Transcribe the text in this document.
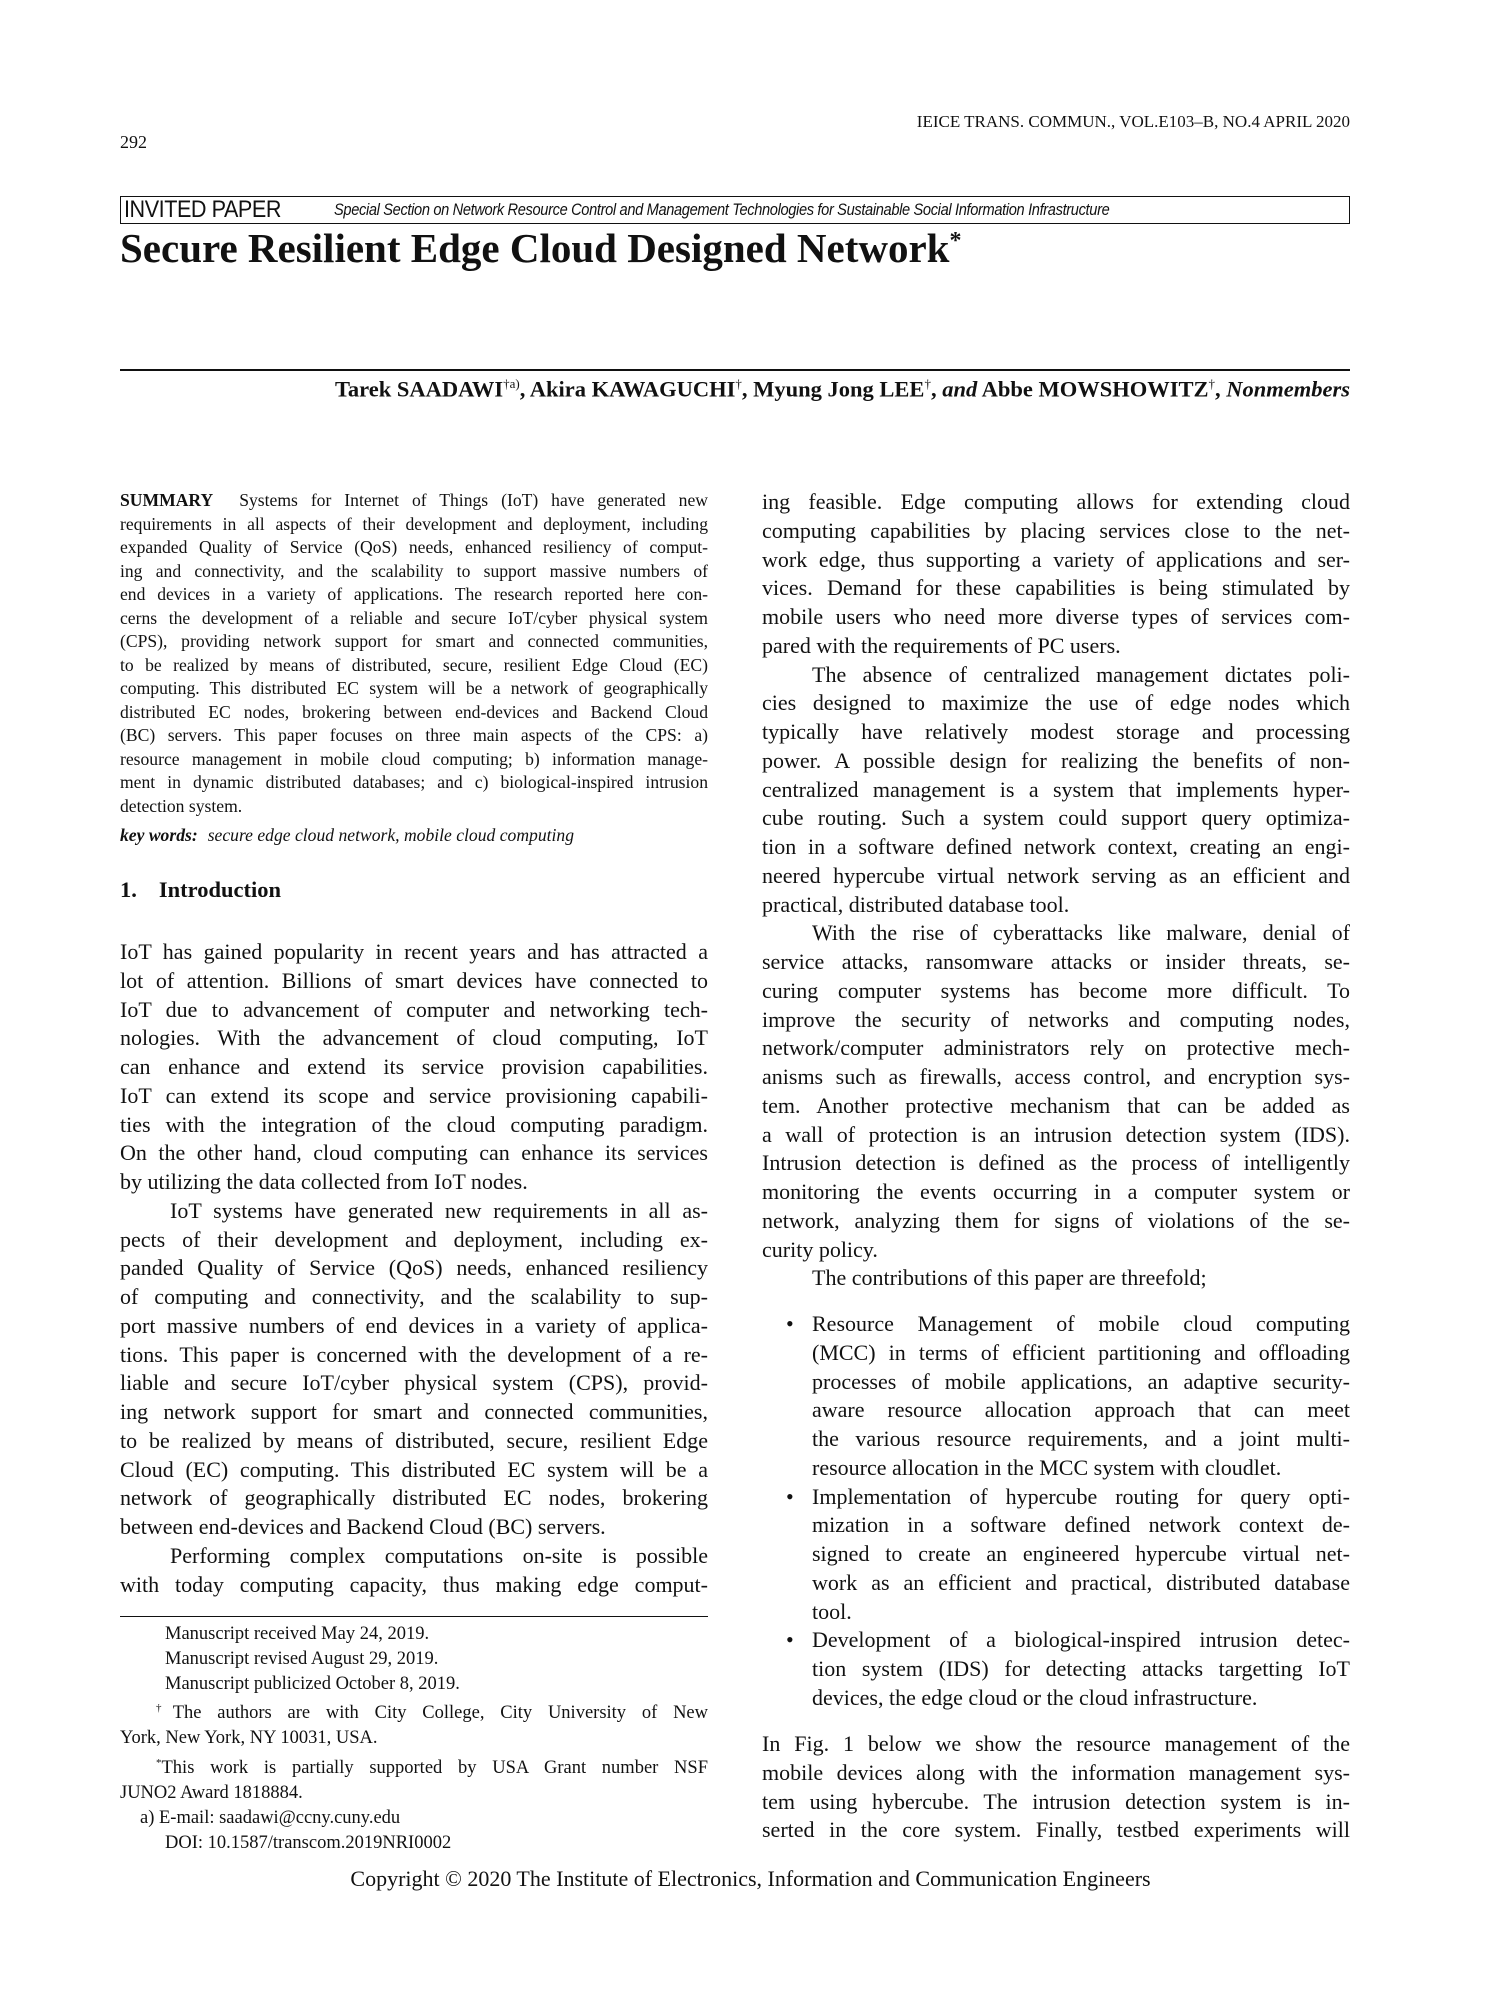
292
IEICE TRANS. COMMUN., VOL.E103–B, NO.4 APRIL 2020
INVITED PAPER	Special Section on Network Resource Control and Management Technologies for Sustainable Social Information Infrastructure
Secure Resilient Edge Cloud Designed Network*
Tarek SAADAWI$^{\dagger a)}$, Akira KAWAGUCHI†, Myung Jong LEE†, and Abbe MOWSHOWITZ†, Nonmembers
SUMMARY Systems for Internet of Things (IoT) have generated new
requirements in all aspects of their development and deployment, including
expanded Quality of Service (QoS) needs, enhanced resiliency of comput-
ing and connectivity, and the scalability to support massive numbers of
end devices in a variety of applications. The research reported here con-
cerns the development of a reliable and secure IoT/cyber physical system
(CPS), providing network support for smart and connected communities,
to be realized by means of distributed, secure, resilient Edge Cloud (EC)
computing. This distributed EC system will be a network of geographically
distributed EC nodes, brokering between end-devices and Backend Cloud
(BC) servers. This paper focuses on three main aspects of the CPS: a)
resource management in mobile cloud computing; b) information manage-
ment in dynamic distributed databases; and c) biological-inspired intrusion
detection system.
key words: secure edge cloud network, mobile cloud computing
1. Introduction
IoT has gained popularity in recent years and has attracted a
lot of attention. Billions of smart devices have connected to
IoT due to advancement of computer and networking tech-
nologies. With the advancement of cloud computing, IoT
can enhance and extend its service provision capabilities.
IoT can extend its scope and service provisioning capabili-
ties with the integration of the cloud computing paradigm.
On the other hand, cloud computing can enhance its services
by utilizing the data collected from IoT nodes.
IoT systems have generated new requirements in all as-
pects of their development and deployment, including ex-
panded Quality of Service (QoS) needs, enhanced resiliency
of computing and connectivity, and the scalability to sup-
port massive numbers of end devices in a variety of applica-
tions. This paper is concerned with the development of a re-
liable and secure IoT/cyber physical system (CPS), provid-
ing network support for smart and connected communities,
to be realized by means of distributed, secure, resilient Edge
Cloud (EC) computing. This distributed EC system will be a
network of geographically distributed EC nodes, brokering
between end-devices and Backend Cloud (BC) servers.
Performing complex computations on-site is possible
with today computing capacity, thus making edge comput-
ing feasible. Edge computing allows for extending cloud
computing capabilities by placing services close to the net-
work edge, thus supporting a variety of applications and ser-
vices. Demand for these capabilities is being stimulated by
mobile users who need more diverse types of services com-
pared with the requirements of PC users.
The absence of centralized management dictates poli-
cies designed to maximize the use of edge nodes which
typically have relatively modest storage and processing
power. A possible design for realizing the benefits of non-
centralized management is a system that implements hyper-
cube routing. Such a system could support query optimiza-
tion in a software defined network context, creating an engi-
neered hypercube virtual network serving as an efficient and
practical, distributed database tool.
With the rise of cyberattacks like malware, denial of
service attacks, ransomware attacks or insider threats, se-
curing computer systems has become more difficult. To
improve the security of networks and computing nodes,
network/computer administrators rely on protective mech-
anisms such as firewalls, access control, and encryption sys-
tem. Another protective mechanism that can be added as
a wall of protection is an intrusion detection system (IDS).
Intrusion detection is defined as the process of intelligently
monitoring the events occurring in a computer system or
network, analyzing them for signs of violations of the se-
curity policy.
The contributions of this paper are threefold;
• Resource Management of mobile cloud computing
(MCC) in terms of efficient partitioning and offloading
processes of mobile applications, an adaptive security-
aware resource allocation approach that can meet
the various resource requirements, and a joint multi-
resource allocation in the MCC system with cloudlet.
• Implementation of hypercube routing for query opti-
mization in a software defined network context de-
signed to create an engineered hypercube virtual net-
work as an efficient and practical, distributed database
tool.
• Development of a biological-inspired intrusion detec-
tion system (IDS) for detecting attacks targetting IoT
devices, the edge cloud or the cloud infrastructure.
In Fig. 1 below we show the resource management of the
mobile devices along with the information management sys-
tem using hybercube. The intrusion detection system is in-
serted in the core system. Finally, testbed experiments will
Manuscript received May 24, 2019.
Manuscript revised August 29, 2019.
Manuscript publicized October 8, 2019.
†The authors are with City College, City University of New
York, New York, NY 10031, USA.
*This work is partially supported by USA Grant number NSF
JUNO2 Award 1818884.
a) E-mail: saadawi@ccny.cuny.edu
DOI: 10.1587/transcom.2019NRI0002
Copyright © 2020 The Institute of Electronics, Information and Communication Engineers
